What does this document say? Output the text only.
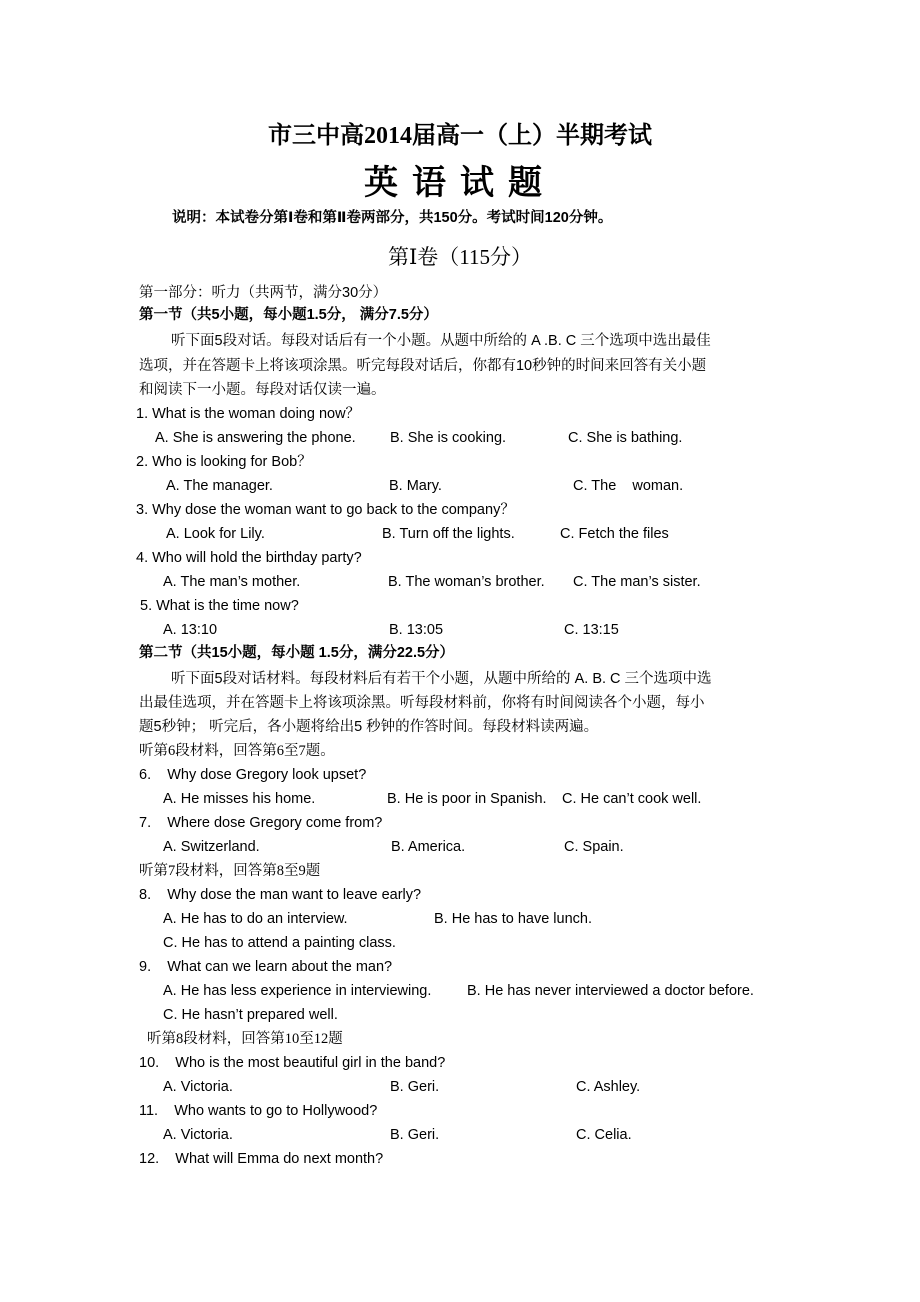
市三中高2014届高一（上）半期考试
英语试题
说明：本试卷分第Ⅰ卷和第Ⅱ卷两部分，共150分。考试时间120分钟。
第Ⅰ卷（115分）
第一部分：听力（共两节，满分30分）
第一节（共5小题，每小题1.5分， 满分7.5分）
听下面5段对话。每段对话后有一个小题。从题中所给的 A .B. C 三个选项中选出最佳
选项，并在答题卡上将该项涂黑。听完每段对话后，你都有10秒钟的时间来回答有关小题
和阅读下一小题。每段对话仅读一遍。
1. What is the woman doing now？
A. She is answering the phone. B. She is cooking.	C. She is bathing.
2. Who is looking for Bob？
A. The manager.	B. Mary.	C. The    woman.
3. Why dose the woman want to go back to the company？
A. Look for Lily.	B. Turn off the lights.	C. Fetch the files
4. Who will hold the birthday party?
A. The man’s mother.	B. The woman’s brother. C. The man’s sister.
5. What is the time now?
A. 13:10	B. 13:05	C. 13:15
第二节（共15小题，每小题 1.5分，满分22.5分）
听下面5段对话材料。每段材料后有若干个小题，从题中所给的 A. B. C 三个选项中选
出最佳选项，并在答题卡上将该项涂黑。听每段材料前，你将有时间阅读各个小题，每小
题5秒钟； 听完后，各小题将给出5 秒钟的作答时间。每段材料读两遍。
听第6段材料，回答第6至7题。
6.    Why dose Gregory look upset?
A. He misses his home.	B. He is poor in Spanish. C. He can’t cook well.
7.    Where dose Gregory come from?
A. Switzerland.	B. America.	C. Spain.
听第7段材料，回答第8至9题
8.    Why dose the man want to leave early?
A. He has to do an interview.	B. He has to have lunch.
C. He has to attend a painting class.
9.    What can we learn about the man?
A. He has less experience in interviewing. B. He has never interviewed a doctor before.
C. He hasn’t prepared well.
听第8段材料，回答第10至12题
10.    Who is the most beautiful girl in the band?
A. Victoria.	B. Geri.	C. Ashley.
11.    Who wants to go to Hollywood?
A. Victoria.	B. Geri.	C. Celia.
12.    What will Emma do next month?
